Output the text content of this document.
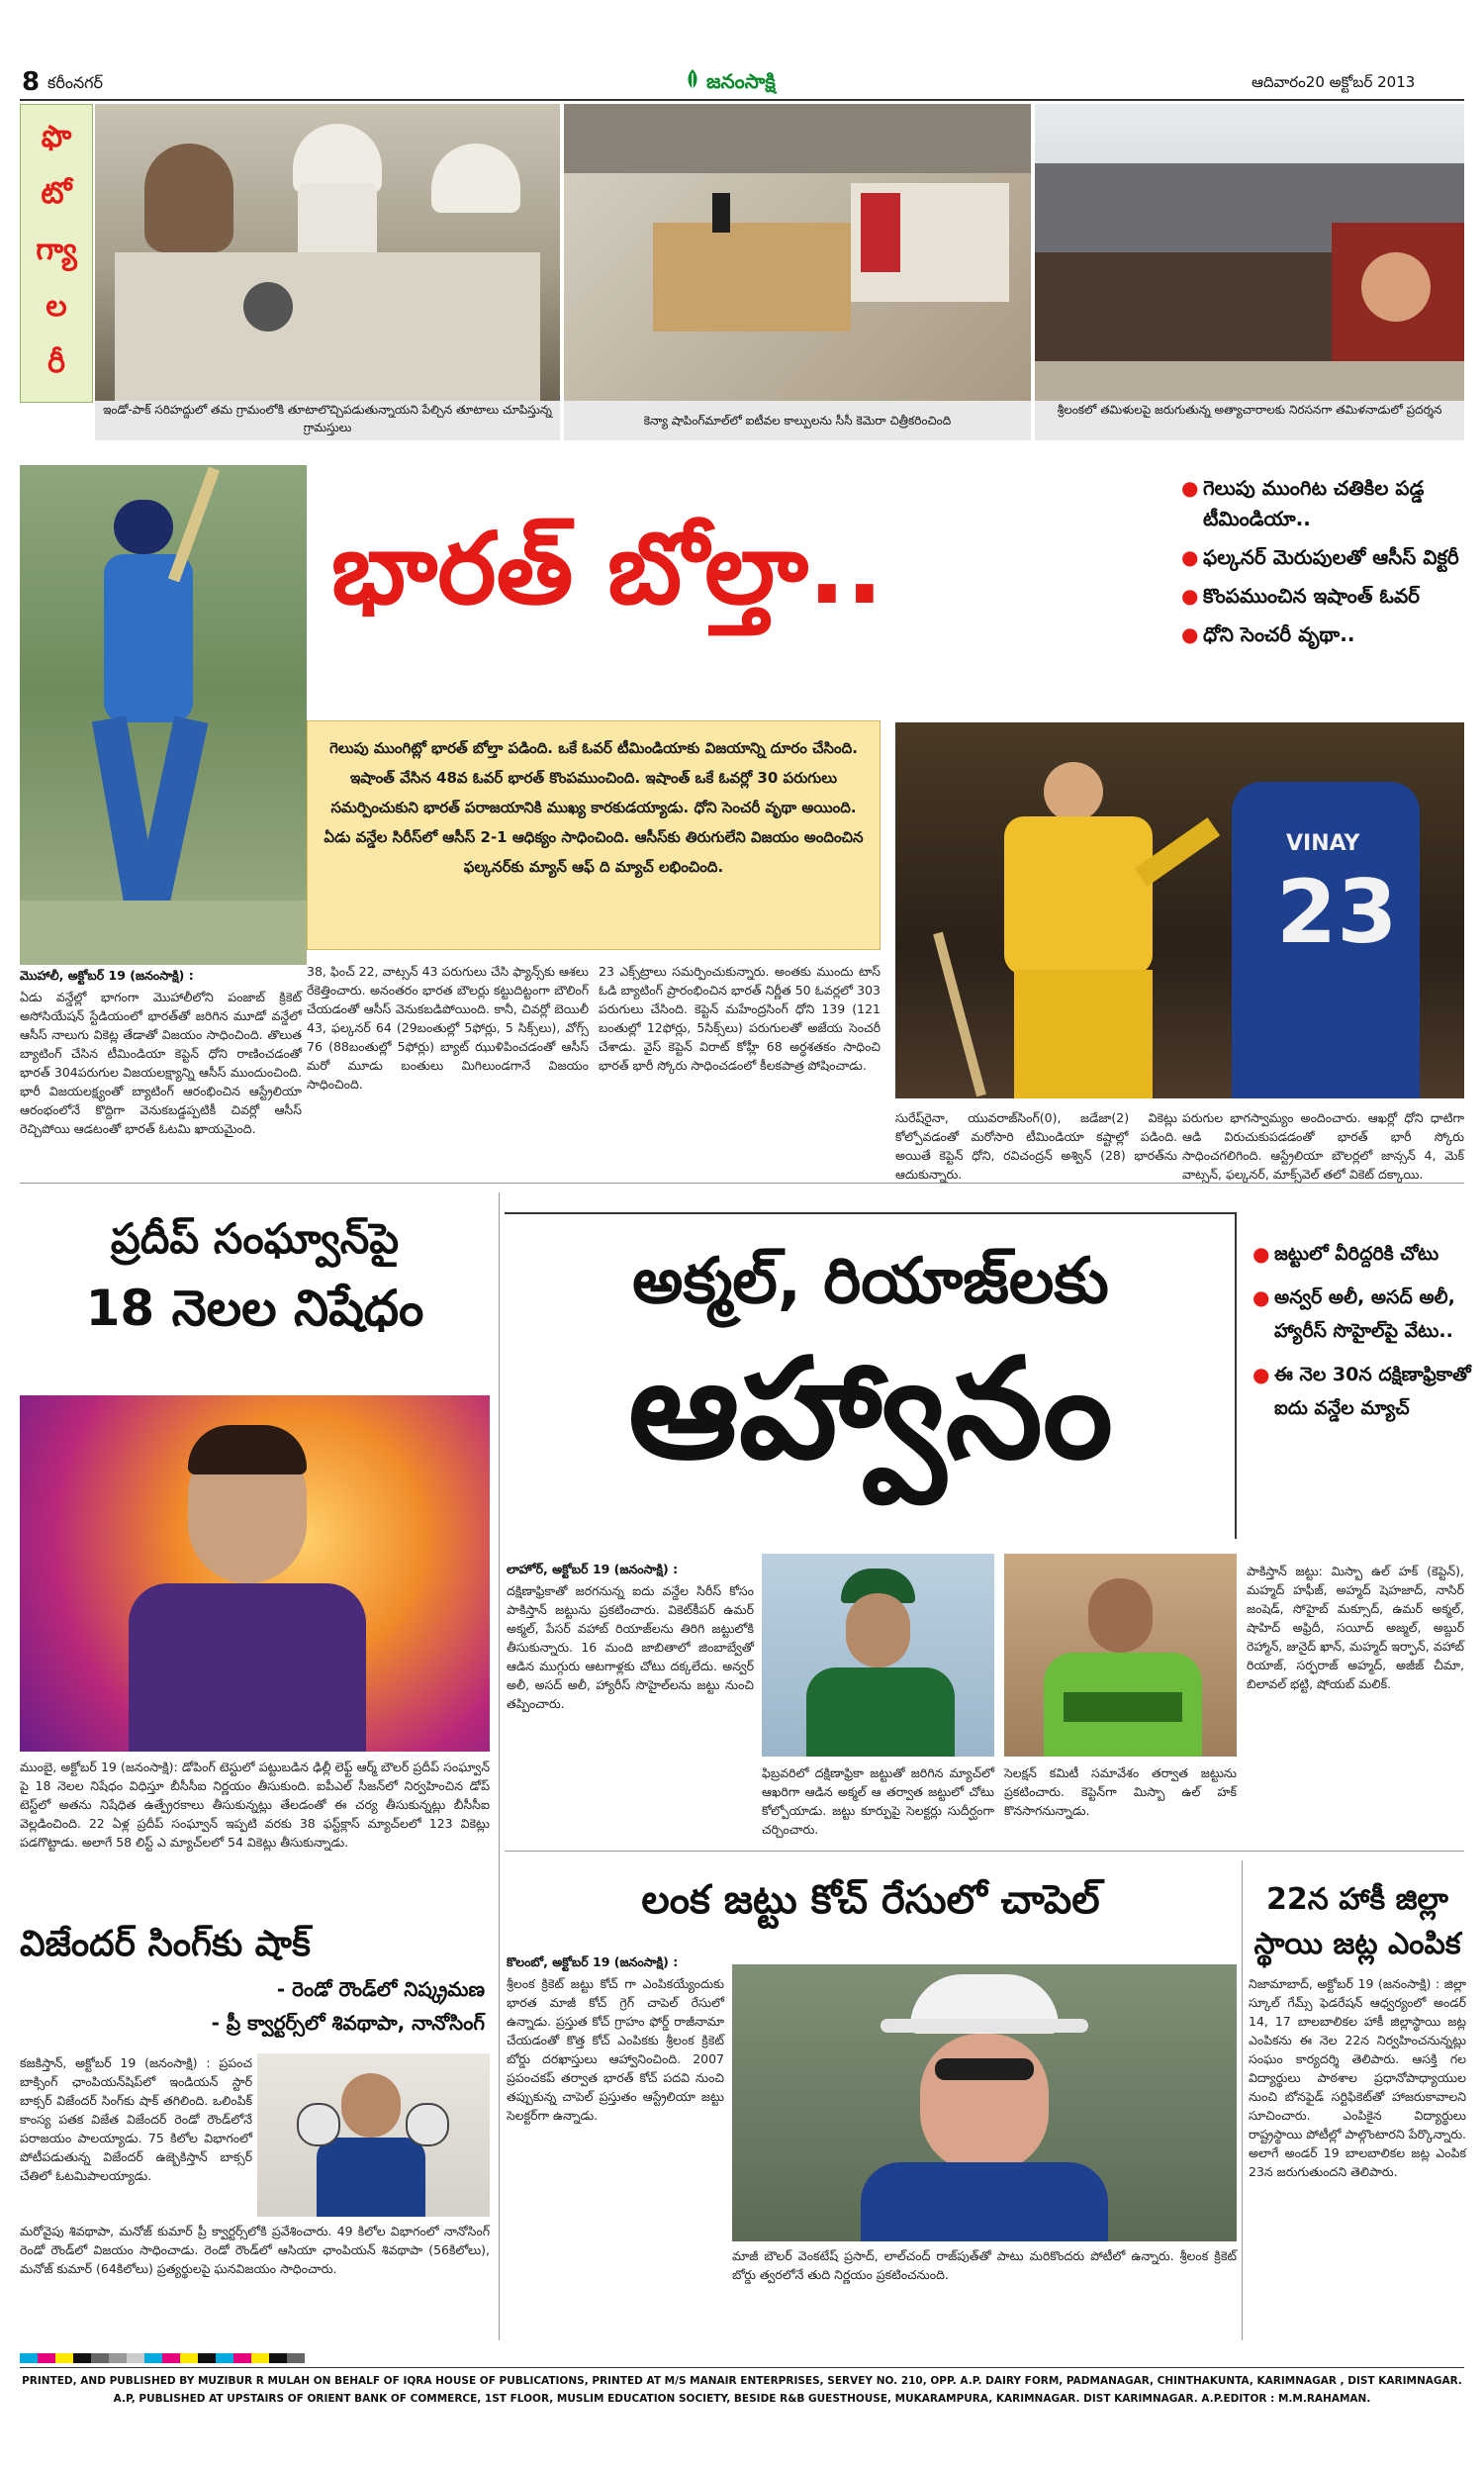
8 కరీంనగర్	జనంసాక్షి	ఆదివారం20 అక్టోబర్ 2013
ఫొ
టో
గ్యా
ల
రీ
ఇండో-పాక్ సరిహద్దులో తమ గ్రామంలోకి తూటాలొచ్చిపడుతున్నాయని పేల్చిన తూటాలు చూపిస్తున్న గ్రామస్తులు	కెన్యా షాపింగ్‌మాల్‌లో ఐటీవల కాల్పులను సీసీ కెమెరా చిత్రీకరించింది
శ్రీలంకలో తమిళులపై జరుగుతున్న అత్యాచారాలకు నిరసనగా తమిళనాడులో ప్రదర్శన
భారత్ బోల్తా..
● గెలుపు ముంగిట చతికిల పడ్డ టీమిండియా..
● ఫల్కనర్ మెరుపులతో ఆసీస్ విక్టరీ
● కొంపముంచిన ఇషాంత్ ఓవర్
● ధోని సెంచరీ వృథా..

గెలుపు ముంగిట్లో భారత్ బోల్తా పడింది. ఒకే ఓవర్ టీమిండియాకు విజయాన్ని దూరం చేసింది. ఇషాంత్ వేసిన 48వ ఓవర్ భారత్ కొంపముంచింది. ఇషాంత్ ఒకే ఓవర్లో 30 పరుగులు సమర్పించుకుని భారత్ పరాజయానికి ముఖ్య కారకుడయ్యాడు. ధోని సెంచరీ వృథా అయింది. ఏడు వన్డేల సిరీస్‌లో ఆసీస్ 2-1 ఆధిక్యం సాధించింది. ఆసీస్‌కు తిరుగులేని విజయం అందించిన ఫల్కనర్‌కు మ్యాన్ ఆఫ్ ది మ్యాచ్ లభించింది.

VINAY
23
మొహాలీ, అక్టోబర్ 19 (జనంసాక్షి) :

ఏడు వన్డేల్లో భాగంగా మొహాలీలోని పంజాబ్ క్రికెట్ అసోసియేషన్ స్టేడియంలో భారత్‌తో జరిగిన మూడో వన్డేలో ఆసీస్ నాలుగు వికెట్ల తేడాతో విజయం సాధించింది. తొలుత బ్యాటింగ్ చేసిన టీమిండియా కెప్టెన్ ధోని రాణించడంతో భారత్ 304పరుగుల విజయలక్ష్యాన్ని ఆసీస్ ముందుంచింది. భారీ విజయలక్ష్యంతో బ్యాటింగ్ ఆరంభించిన ఆస్ట్రేలియా ఆరంభంలోనే కొద్దిగా వెనుకబడ్డప్పటికీ చివర్లో ఆసీస్ రెచ్చిపోయి ఆడటంతో భారత్ ఓటమి ఖాయమైంది.

38, ఫించ్ 22, వాట్సన్ 43 పరుగులు చేసి ఫ్యాన్స్‌కు ఆశలు రేకెత్తించారు. అనంతరం భారత బౌలర్లు కట్టుదిట్టంగా బౌలింగ్ చేయడంతో ఆసీస్ వెనుకబడిపోయింది. కానీ, చివర్లో బెయిలీ 43, ఫల్కనర్ 64 (29బంతుల్లో 5ఫోర్లు, 5 సిక్స్‌లు), వోగ్స్ 76 (88బంతుల్లో 5ఫోర్లు) బ్యాట్ ఝుళిపించడంతో ఆసీస్ మరో మూడు బంతులు మిగిలుండగానే విజయం సాధించింది.

23 ఎక్స్‌ట్రాలు సమర్పించుకున్నారు. అంతకు ముందు టాస్ ఓడి బ్యాటింగ్ ప్రారంభించిన భారత్ నిర్ణీత 50 ఓవర్లలో 303 పరుగులు చేసింది. కెప్టెన్ మహేంద్రసింగ్ ధోని 139 (121 బంతుల్లో 12ఫోర్లు, 5సిక్స్‌లు) పరుగులతో అజేయ సెంచరీ చేశాడు. వైస్ కెప్టెన్ విరాట్ కోహ్లీ 68 అర్ధశతకం సాధించి భారత్ భారీ స్కోరు సాధించడంలో కీలకపాత్ర పోషించాడు.

సురేష్‌రైనా, యువరాజ్‌సింగ్(0), జడేజా(2) వికెట్లు కోల్పోవడంతో మరోసారి టీమిండియా కష్టాల్లో పడింది. అయితే కెప్టెన్ ధోని, రవిచంద్రన్ అశ్విన్ (28) భారత్‌ను ఆదుకున్నారు.

పరుగుల భాగస్వామ్యం అందించారు. ఆఖర్లో ధోని ధాటిగా ఆడి విరుచుకుపడడంతో భారత్ భారీ స్కోరు సాధించగలిగింది. ఆస్ట్రేలియా బౌలర్లలో జాన్సన్ 4, మెక్ వాట్సన్, ఫల్కనర్, మాక్స్‌వెల్ తలో వికెట్ దక్కాయి.

ప్రదీప్ సంఘ్వాన్‌పై
18 నెలల నిషేధం

ముంబై, అక్టోబర్ 19 (జనంసాక్షి): డోపింగ్ టెస్టులో పట్టుబడిన ఢిల్లీ లెఫ్ట్ ఆర్మ్ బౌలర్ ప్రదీప్ సంఘ్వాన్ పై 18 నెలల నిషేధం విధిస్తూ బీసీసీఐ నిర్ణయం తీసుకుంది. ఐపీఎల్ సీజన్‌లో నిర్వహించిన డోప్ టెస్ట్‌లో అతను నిషేధిత ఉత్ప్రేరకాలు తీసుకున్నట్లు తేలడంతో ఈ చర్య తీసుకున్నట్లు బీసీసీఐ వెల్లడించింది. 22 ఏళ్ల ప్రదీప్ సంఘ్వాన్ ఇప్పటి వరకు 38 ఫస్ట్‌క్లాస్ మ్యాచ్‌లలో 123 వికెట్లు పడగొట్టాడు. అలాగే 58 లిస్ట్ ఎ మ్యాచ్‌లలో 54 వికెట్లు తీసుకున్నాడు.

విజేందర్ సింగ్‌కు షాక్
- రెండో రౌండ్‌లో నిష్క్రమణ
- ప్రీ క్వార్టర్స్‌లో శివథాపా, నానోసింగ్

కజకిస్తాన్, అక్టోబర్ 19 (జనంసాక్షి) : ప్రపంచ బాక్సింగ్ ఛాంపియన్‌షిప్‌లో ఇండియన్ స్టార్ బాక్సర్ విజేందర్ సింగ్‌కు షాక్ తగిలింది. ఒలింపిక్ కాంస్య పతక విజేత విజేందర్ రెండో రౌండ్‌లోనే పరాజయం పాలయ్యాడు. 75 కిలోల విభాగంలో పోటీపడుతున్న విజేందర్ ఉజ్బెకిస్తాన్ బాక్సర్ చేతిలో ఓటమిపాలయ్యాడు.

మరోవైపు శివథాపా, మనోజ్ కుమార్ ప్రీ క్వార్టర్స్‌లోకి ప్రవేశించారు. 49 కిలోల విభాగంలో నానోసింగ్ రెండో రౌండ్‌లో విజయం సాధించాడు. రెండో రౌండ్‌లో ఆసియా ఛాంపియన్ శివథాపా (56కిలోలు), మనోజ్ కుమార్ (64కిలోలు) ప్రత్యర్థులపై ఘనవిజయం సాధించారు.

అక్మల్, రియాజ్‌లకు
ఆహ్వానం
● జట్టులో వీరిద్దరికి చోటు
● అన్వర్ అలీ, అసద్ అలీ, హ్యారీస్ సొహైల్‌పై వేటు..
● ఈ నెల 30న దక్షిణాఫ్రికాతో ఐదు వన్డేల మ్యాచ్
లాహోర్, అక్టోబర్ 19 (జనంసాక్షి) :

దక్షిణాఫ్రికాతో జరగనున్న ఐదు వన్డేల సిరీస్ కోసం పాకిస్తాన్ జట్టును ప్రకటించారు. వికెట్‌కీపర్ ఉమర్ అక్మల్, పేసర్ వహాబ్ రియాజ్‌లను తిరిగి జట్టులోకి తీసుకున్నారు. 16 మంది జాబితాలో జింబాబ్వేతో ఆడిన ముగ్గురు ఆటగాళ్లకు చోటు దక్కలేదు. అన్వర్ అలీ, అసద్ అలీ, హ్యారీస్ సొహైల్‌లను జట్టు నుంచి తప్పించారు.

ఫిబ్రవరిలో దక్షిణాఫ్రికా జట్టుతో జరిగిన మ్యాచ్‌లో ఆఖరిగా ఆడిన అక్మల్ ఆ తర్వాత జట్టులో చోటు కోల్పోయాడు. జట్టు కూర్పుపై సెలక్టర్లు సుదీర్ఘంగా చర్చించారు.

సెలక్షన్ కమిటీ సమావేశం తర్వాత జట్టును ప్రకటించారు. కెప్టెన్‌గా మిస్బా ఉల్ హక్ కొనసాగనున్నాడు.

పాకిస్తాన్ జట్టు: మిస్బా ఉల్ హక్ (కెప్టెన్), మహ్మద్ హఫీజ్, అహ్మద్ షెహజాద్, నాసిర్ జంషెడ్, సోహైబ్ మక్సూద్, ఉమర్ అక్మల్, షాహిద్ అఫ్రిదీ, సయీద్ అజ్మల్, అబ్దుర్ రెహ్మాన్, జునైద్ ఖాన్, మహ్మద్ ఇర్ఫాన్, వహాబ్ రియాజ్, సర్ఫరాజ్ అహ్మద్, అజీజ్ చీమా, బిలావల్ భట్టి, షోయబ్ మలిక్.

లంక జట్టు కోచ్ రేసులో చాపెల్
కొలంబో, అక్టోబర్ 19 (జనంసాక్షి) :

శ్రీలంక క్రికెట్ జట్టు కోచ్ గా ఎంపికయ్యేందుకు భారత మాజీ కోచ్ గ్రెగ్ చాపెల్ రేసులో ఉన్నాడు. ప్రస్తుత కోచ్ గ్రాహం ఫోర్డ్ రాజీనామా చేయడంతో కొత్త కోచ్ ఎంపికకు శ్రీలంక క్రికెట్ బోర్డు దరఖాస్తులు ఆహ్వానించింది. 2007 ప్రపంచకప్ తర్వాత భారత్ కోచ్ పదవి నుంచి తప్పుకున్న చాపెల్ ప్రస్తుతం ఆస్ట్రేలియా జట్టు సెలక్టర్‌గా ఉన్నాడు.

మాజీ బౌలర్ వెంకటేష్ ప్రసాద్, లాల్‌చంద్ రాజ్‌పుత్‌తో పాటు మరికొందరు పోటీలో ఉన్నారు. శ్రీలంక క్రికెట్ బోర్డు త్వరలోనే తుది నిర్ణయం ప్రకటించనుంది.

22న హాకీ జిల్లా
స్థాయి జట్ల ఎంపిక

నిజామాబాద్, అక్టోబర్ 19 (జనంసాక్షి) : జిల్లా స్కూల్ గేమ్స్ ఫెడరేషన్ ఆధ్వర్యంలో అండర్ 14, 17 బాలబాలికల హాకీ జిల్లాస్థాయి జట్ల ఎంపికను ఈ నెల 22న నిర్వహించనున్నట్లు సంఘం కార్యదర్శి తెలిపారు. ఆసక్తి గల విద్యార్థులు పాఠశాల ప్రధానోపాధ్యాయుల నుంచి బోనఫైడ్ సర్టిఫికెట్‌తో హాజరుకావాలని సూచించారు. ఎంపికైన విద్యార్థులు రాష్ట్రస్థాయి పోటీల్లో పాల్గొంటారని పేర్కొన్నారు. అలాగే అండర్ 19 బాలబాలికల జట్ల ఎంపిక 23న జరుగుతుందని తెలిపారు.

PRINTED, AND PUBLISHED BY MUZIBUR R MULAH ON BEHALF OF IQRA HOUSE OF PUBLICATIONS, PRINTED AT M/S MANAIR ENTERPRISES, SERVEY NO. 210, OPP. A.P. DAIRY FORM, PADMANAGAR, CHINTHAKUNTA, KARIMNAGAR , DIST KARIMNAGAR.
A.P, PUBLISHED AT UPSTAIRS OF ORIENT BANK OF COMMERCE, 1ST FLOOR, MUSLIM EDUCATION SOCIETY, BESIDE R&B GUESTHOUSE, MUKARAMPURA, KARIMNAGAR. DIST KARIMNAGAR. A.P.EDITOR : M.M.RAHAMAN.
